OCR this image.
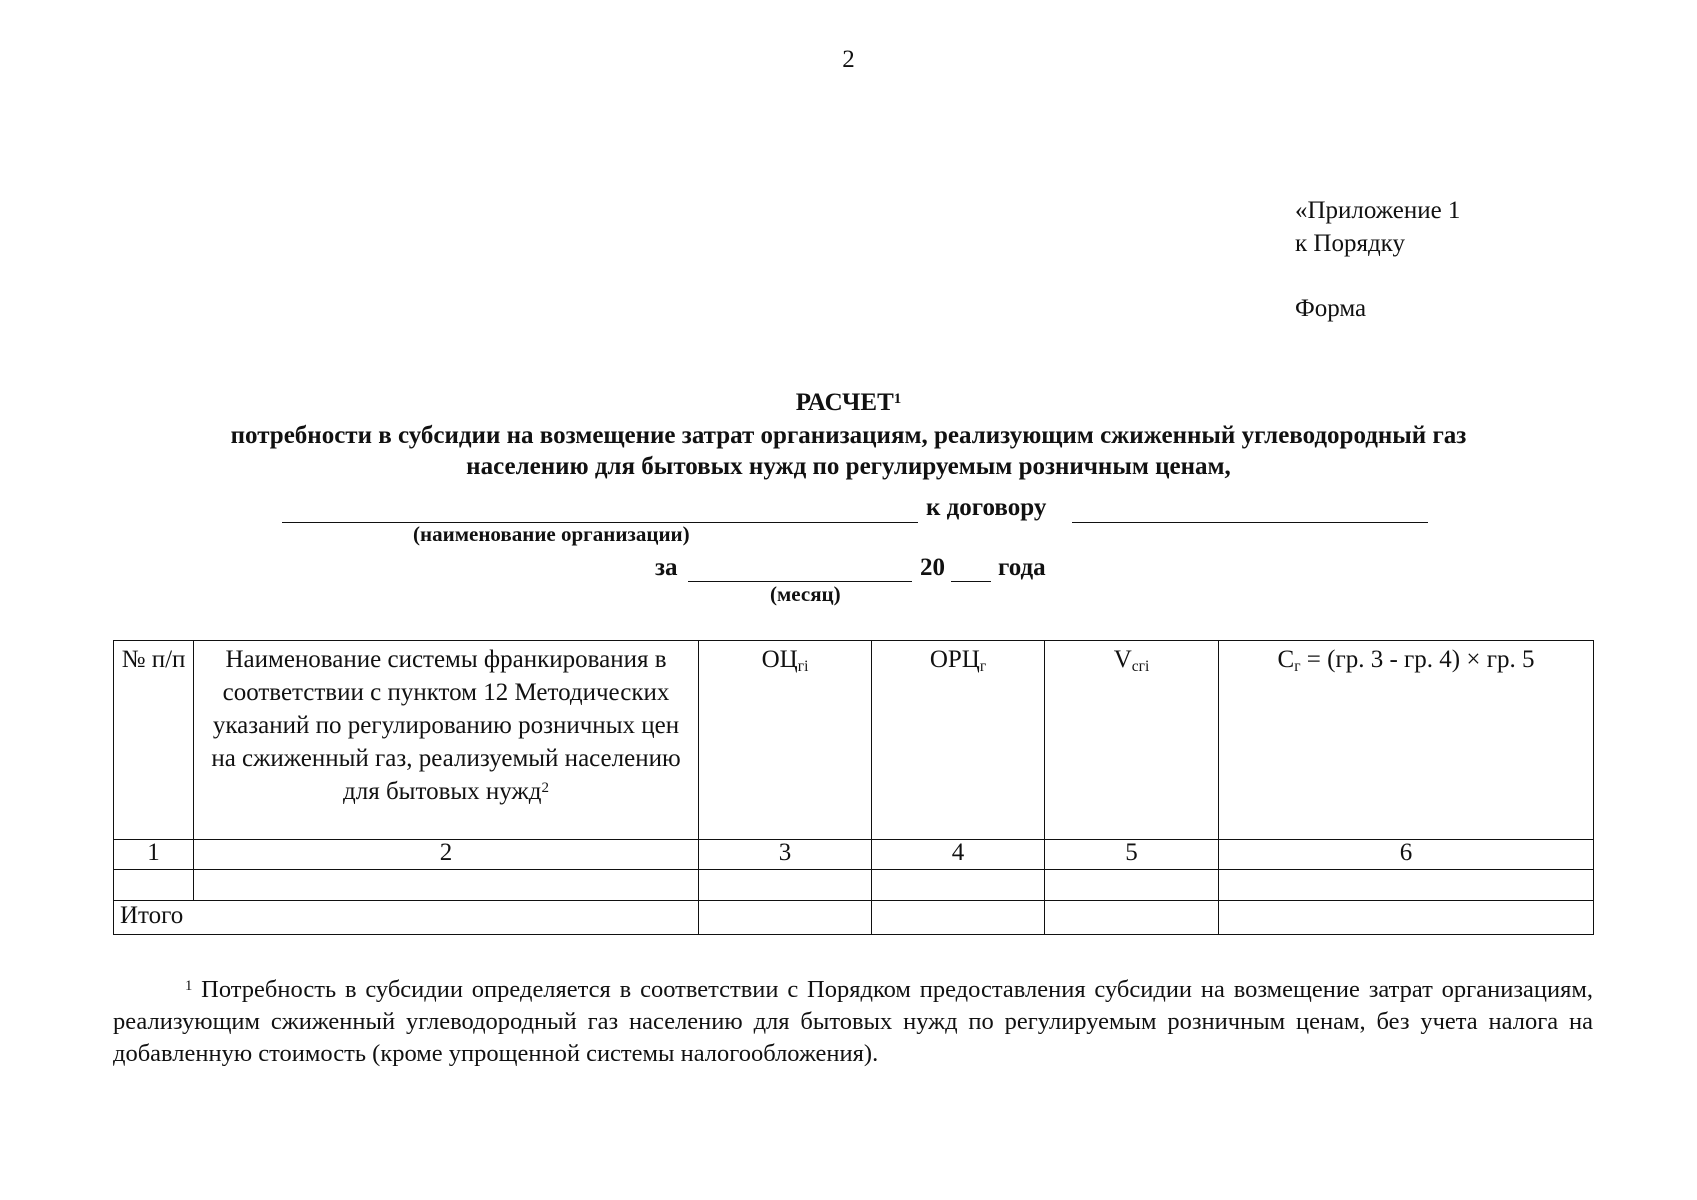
2
«Приложение 1
к Порядку
Форма
РАСЧЕТ$^1$
потребности в субсидии на возмещение затрат организациям, реализующим сжиженный углеводородный газ
населению для бытовых нужд по регулируемым розничным ценам,
к договору
(наименование организации)
за	20 года
(месяц)
№ п/п	Наименование системы франкирования в соответствии с пунктом 12 Методических указаний по регулированию розничных цен на сжиженный газ, реализуемый населению для бытовых нужд$^2$	$ОЦ_{гi}$	$ОРЦ_г$	$V_{сгi}$	$С_г = (гр$. 3 - гр. 4) × гр. 5
1	2	3	4	5	6

Итого					
$^1$ Потребность в субсидии определяется в соответствии с Порядком предоставления субсидии на возмещение затрат организациям, реализующим сжиженный углеводородный газ населению для бытовых нужд по регулируемым розничным ценам, без учета налога на добавленную стоимость (кроме упрощенной системы налогообложения).
